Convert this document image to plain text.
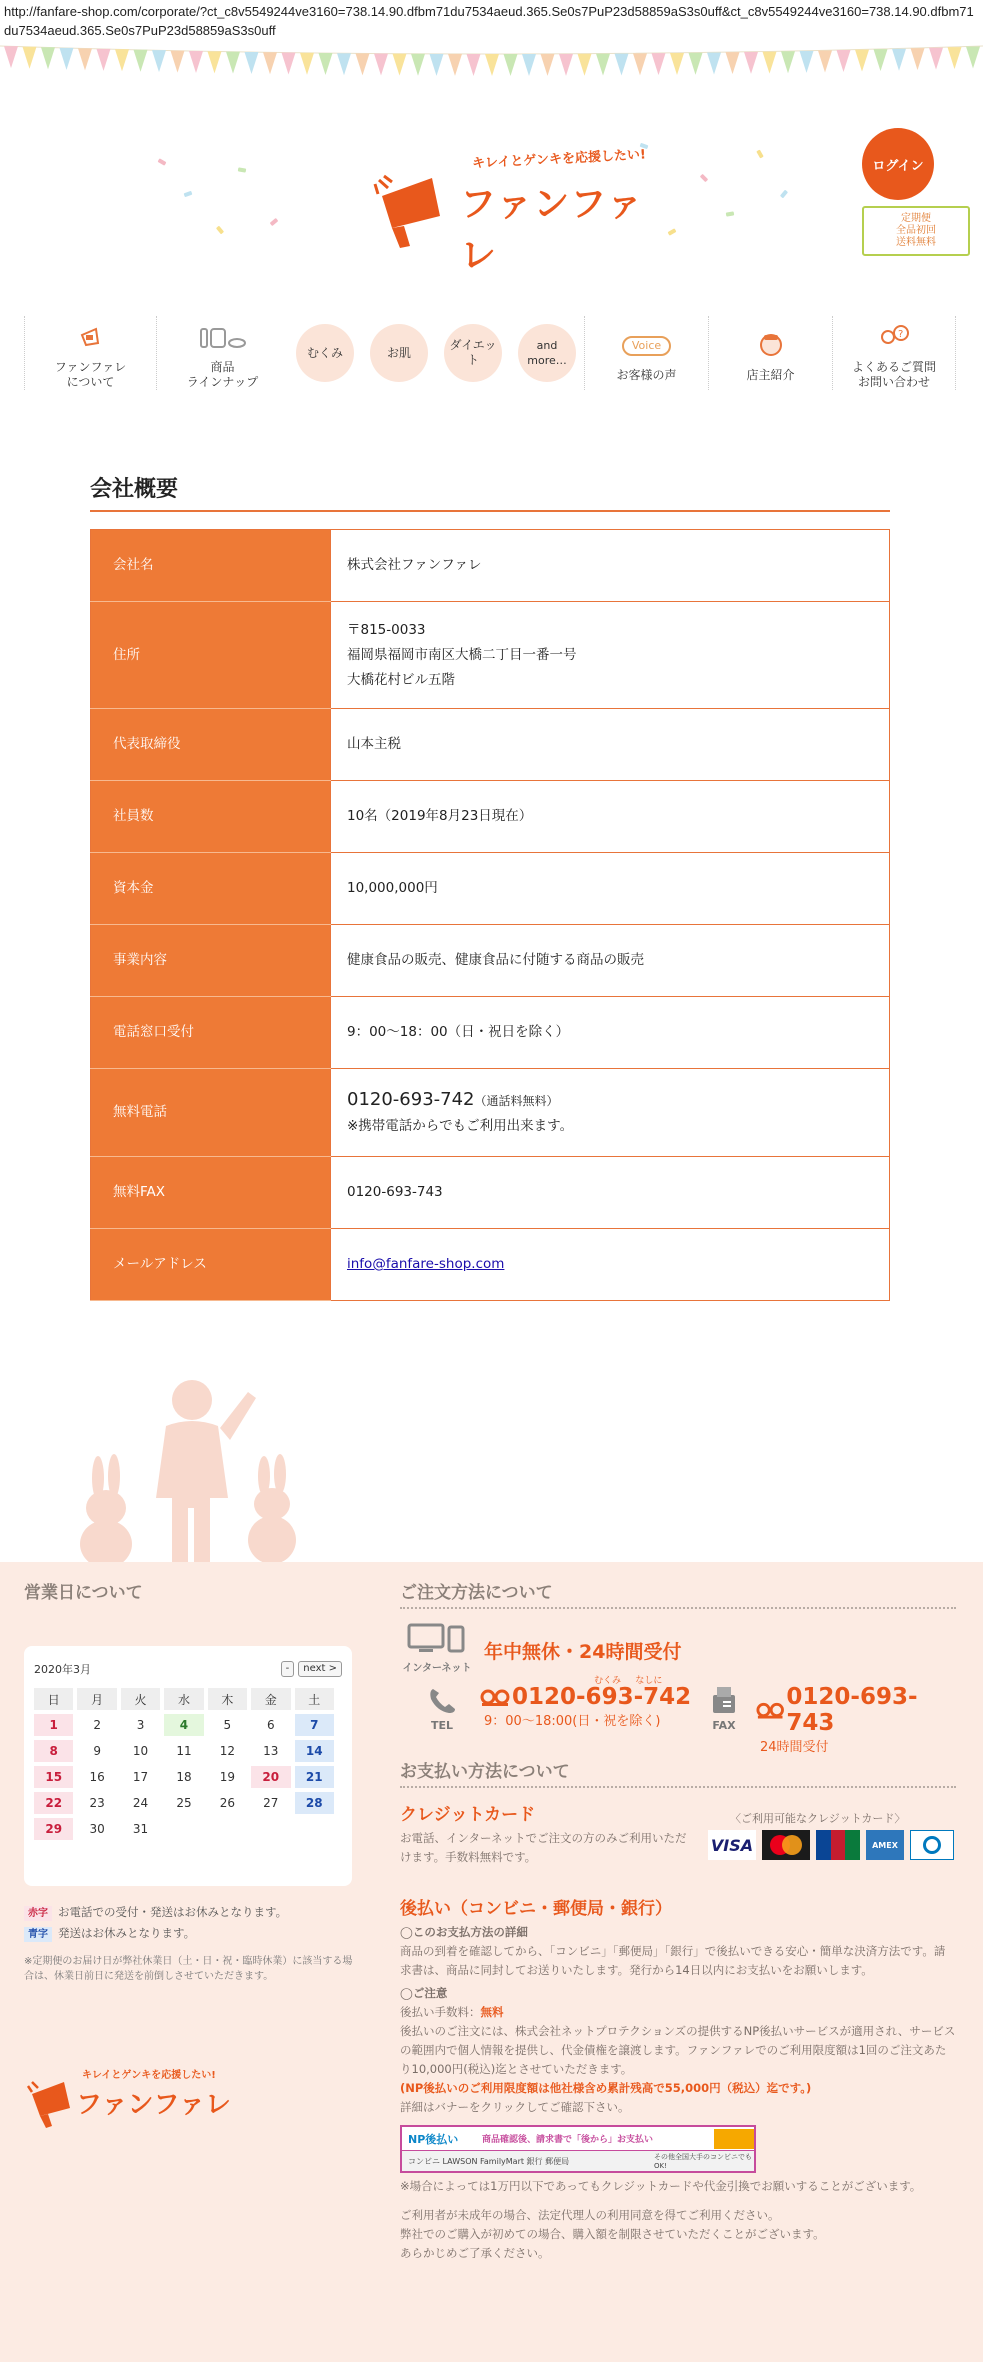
http://fanfare-shop.com/corporate/?ct_c8v5549244ve3160=738.14.90.dfbm71du7534aeud.365.Se0s7PuP23d58859aS3s0uff&ct_c8v5549244ve3160=738.14.90.dfbm71du7534aeud.365.Se0s7PuP23d58859aS3s0uff
キレイとゲンキを応援したい!
ファンファレ
ログイン
定期便
全品初回
送料無料
ファンファレ
について
商品
ラインナップ
むくみ	お肌
ダイエット
and more…
Voice
お客様の声	店主紹介
?
よくあるご質問
お問い合わせ
会社概要
会社名	株式会社ファンファレ
住所	〒815-0033
福岡県福岡市南区大橋二丁目一番一号
大橋花村ビル五階

代表取締役	山本主税
社員数	10名（2019年8月23日現在）
資本金	10,000,000円
事業内容	健康食品の販売、健康食品に付随する商品の販売
電話窓口受付	9：00〜18：00（日・祝日を除く）
無料電話	0120-693-742（通話料無料）
※携帯電話からでもご利用出来ます。

無料FAX	0120-693-743
メールアドレス	info@fanfare-shop.com
営業日について
2020年3月	- next >
日	月	火	水	木	金	土
1	2	3	4	5	6	7
8	9	10	11	12	13	14
15	16	17	18	19	20	21
22	23	24	25	26	27	28
29	30	31				
赤字 お電話での受付・発送はお休みとなります。
青字 発送はお休みとなります。
※定期便のお届け日が弊社休業日（土・日・祝・臨時休業）に該当する場合は、休業日前日に発送を前倒しさせていただきます。
キレイとゲンキを応援したい!
ファンファレ
ご注文方法について
インターネット
年中無休・24時間受付
TEL
むくみ なしに
0120-693-742
9：00〜18:00(日・祝を除く)	FAX
0120-693-743
24時間受付
お支払い方法について
クレジットカード
お電話、インターネットでご注文の方のみご利用いただけます。手数料無料です。
〈ご利用可能なクレジットカード〉
VISA	AMEX
後払い（コンビニ・郵便局・銀行）
◯このお支払方法の詳細
商品の到着を確認してから、「コンビニ」「郵便局」「銀行」で後払いできる安心・簡単な決済方法です。請求書は、商品に同封してお送りいたします。発行から14日以内にお支払いをお願いします。
◯ご注意
後払い手数料：無料
後払いのご注文には、株式会社ネットプロテクションズの提供するNP後払いサービスが適用され、サービスの範囲内で個人情報を提供し、代金債権を譲渡します。ファンファレでのご利用限度額は1回のご注文あたり10,000円(税込)迄とさせていただきます。
(NP後払いのご利用限度額は他社様含め累計残高で55,000円（税込）迄です。)
詳細はバナーをクリックしてご確認下さい。
NP後払い	商品確認後、請求書で「後から」お支払い
コンビニ LAWSON FamilyMart 銀行 郵便局	その他全国大手のコンビニでもOK!
※場合によっては1万円以下であってもクレジットカードや代金引換でお願いすることがございます。
ご利用者が未成年の場合、法定代理人の利用同意を得てご利用ください。
弊社でのご購入が初めての場合、購入額を制限させていただくことがございます。
あらかじめご了承ください。
